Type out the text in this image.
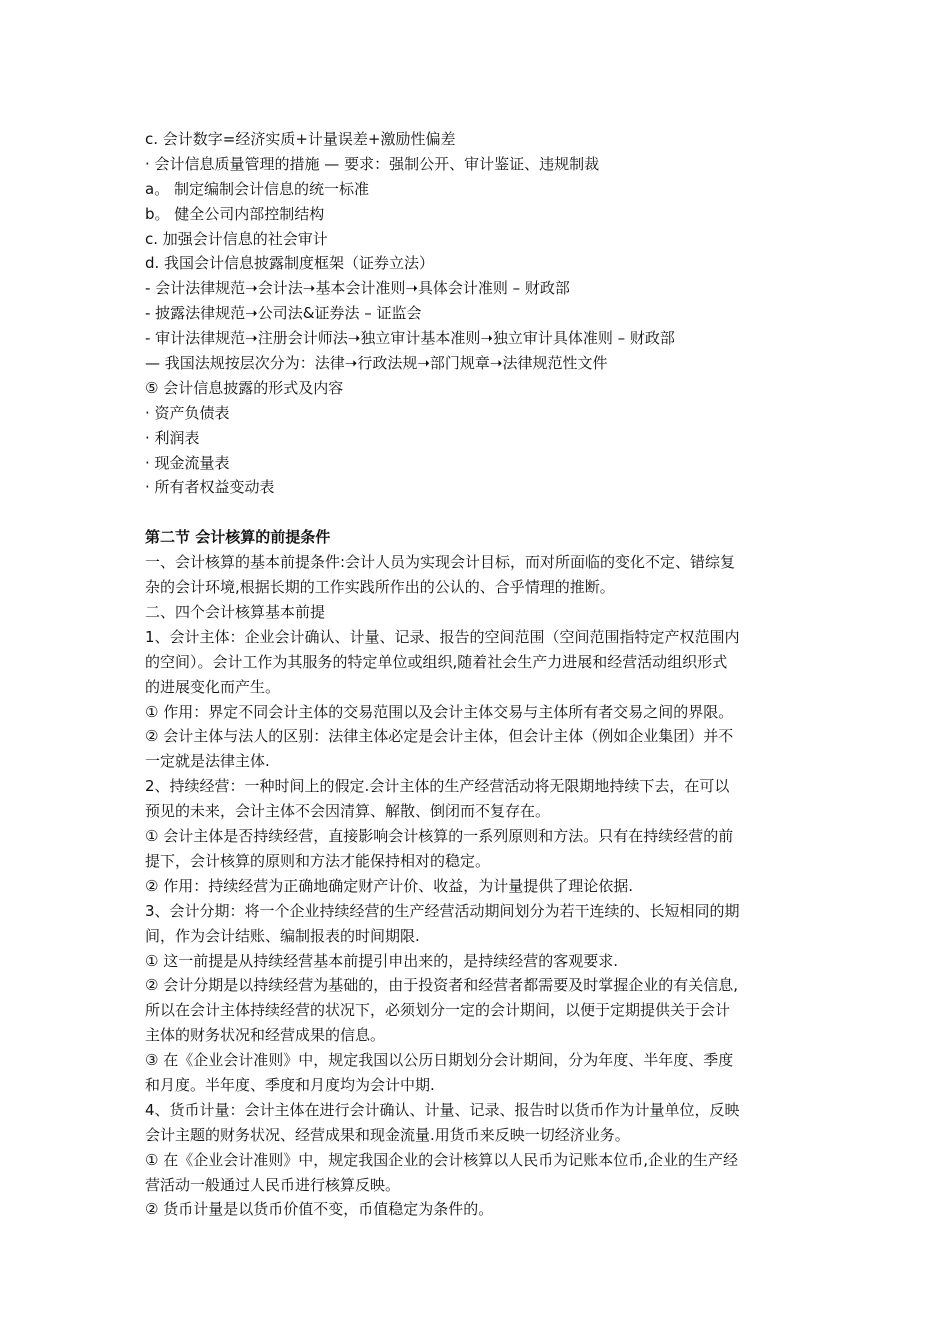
c. 会计数字=经济实质+计量误差+激励性偏差
· 会计信息质量管理的措施 — 要求：强制公开、审计鉴证、违规制裁
a。 制定编制会计信息的统一标准
b。 健全公司内部控制结构
c. 加强会计信息的社会审计
d. 我国会计信息披露制度框架（证券立法）
- 会计法律规范➝会计法➝基本会计准则➝具体会计准则 – 财政部
- 披露法律规范➝公司法&证券法 – 证监会
- 审计法律规范➝注册会计师法➝独立审计基本准则➝独立审计具体准则 – 财政部
— 我国法规按层次分为：法律➝行政法规➝部门规章➝法律规范性文件
⑤ 会计信息披露的形式及内容
· 资产负债表
· 利润表
· 现金流量表
· 所有者权益变动表
第二节 会计核算的前提条件
一、会计核算的基本前提条件:会计人员为实现会计目标，而对所面临的变化不定、错综复
杂的会计环境,根据长期的工作实践所作出的公认的、合乎情理的推断。
二、四个会计核算基本前提
1、会计主体：企业会计确认、计量、记录、报告的空间范围（空间范围指特定产权范围内
的空间）。会计工作为其服务的特定单位或组织,随着社会生产力进展和经营活动组织形式
的进展变化而产生。
① 作用：界定不同会计主体的交易范围以及会计主体交易与主体所有者交易之间的界限。
② 会计主体与法人的区别：法律主体必定是会计主体，但会计主体（例如企业集团）并不
一定就是法律主体.
2、持续经营：一种时间上的假定.会计主体的生产经营活动将无限期地持续下去，在可以
预见的未来，会计主体不会因清算、解散、倒闭而不复存在。
① 会计主体是否持续经营，直接影响会计核算的一系列原则和方法。只有在持续经营的前
提下，会计核算的原则和方法才能保持相对的稳定。
② 作用：持续经营为正确地确定财产计价、收益，为计量提供了理论依据.
3、会计分期：将一个企业持续经营的生产经营活动期间划分为若干连续的、长短相同的期
间，作为会计结账、编制报表的时间期限.
① 这一前提是从持续经营基本前提引申出来的，是持续经营的客观要求.
② 会计分期是以持续经营为基础的，由于投资者和经营者都需要及时掌握企业的有关信息,
所以在会计主体持续经营的状况下，必须划分一定的会计期间，以便于定期提供关于会计
主体的财务状况和经营成果的信息。
③ 在《企业会计准则》中，规定我国以公历日期划分会计期间，分为年度、半年度、季度
和月度。半年度、季度和月度均为会计中期.
4、货币计量：会计主体在进行会计确认、计量、记录、报告时以货币作为计量单位，反映
会计主题的财务状况、经营成果和现金流量.用货币来反映一切经济业务。
① 在《企业会计准则》中，规定我国企业的会计核算以人民币为记账本位币,企业的生产经
营活动一般通过人民币进行核算反映。
② 货币计量是以货币价值不变，币值稳定为条件的。
